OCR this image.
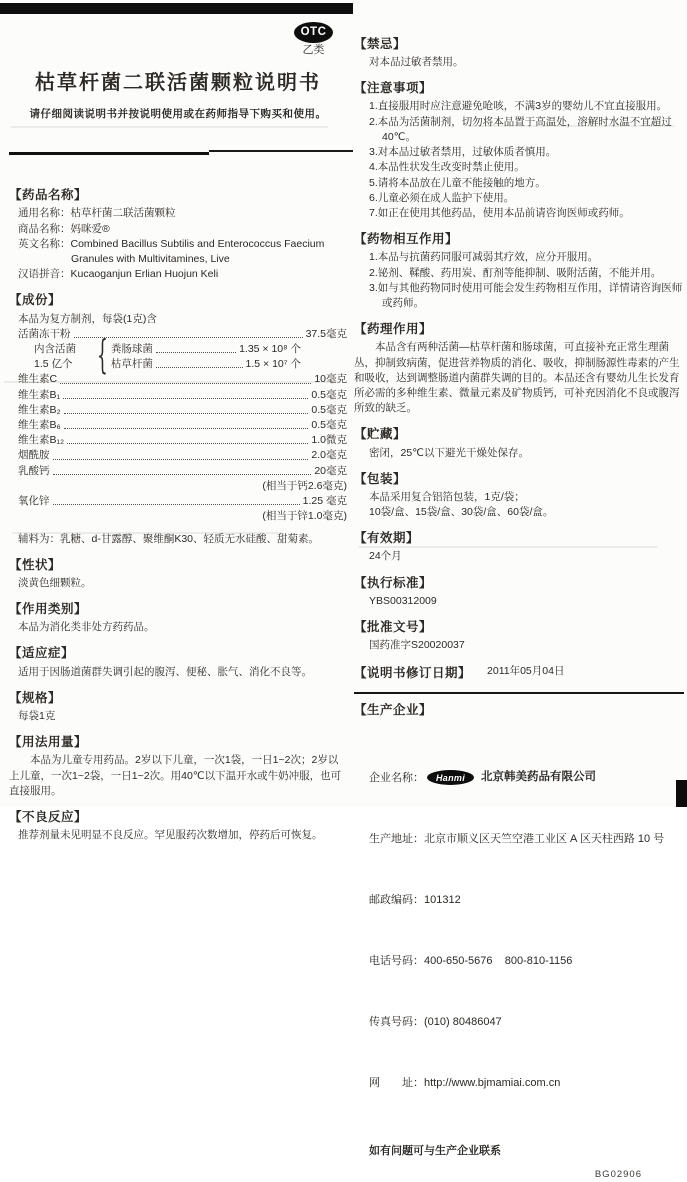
OTC
乙类
枯草杆菌二联活菌颗粒说明书
请仔细阅读说明书并按说明使用或在药师指导下购买和使用。
【药品名称】
通用名称：枯草杆菌二联活菌颗粒
商品名称：妈咪爱®
英文名称：Combined Bacillus Subtilis and Enterococcus Faecium Granules with Multivitamines, Live
汉语拼音：Kucaoganjun Erlian Huojun Keli
【成份】
本品为复方制剂，每袋(1克)含
活菌冻干粉	37.5毫克
内含活菌
1.5 亿个	{ 粪肠球菌	1.35 × 10⁸ 个
枯草杆菌	1.5 × 10⁷ 个
维生素C	10毫克
维生素B₁	0.5毫克
维生素B₂	0.5毫克
维生素B₆	0.5毫克
维生素B₁₂	1.0微克
烟酰胺	2.0毫克
乳酸钙	20毫克
(相当于钙2.6毫克)
氧化锌	1.25 毫克
(相当于锌1.0毫克)
辅料为：乳糖、d-甘露醇、聚维酮K30、轻质无水硅酸、甜菊素。
【性状】
淡黄色细颗粒。
【作用类别】
本品为消化类非处方药药品。
【适应症】
适用于因肠道菌群失调引起的腹泻、便秘、胀气、消化不良等。
【规格】
每袋1克
【用法用量】
本品为儿童专用药品。2岁以下儿童，一次1袋，一日1~2次；2岁以上儿童，一次1~2袋，一日1~2次。用40℃以下温开水或牛奶冲服，也可直接服用。
【不良反应】
推荐剂量未见明显不良反应。罕见服药次数增加，停药后可恢复。
【禁忌】
对本品过敏者禁用。
【注意事项】
1.直接服用时应注意避免呛咳，不满3岁的婴幼儿不宜直接服用。
2.本品为活菌制剂，切勿将本品置于高温处，溶解时水温不宜超过40℃。
3.对本品过敏者禁用，过敏体质者慎用。
4.本品性状发生改变时禁止使用。
5.请将本品放在儿童不能接触的地方。
6.儿童必须在成人监护下使用。
7.如正在使用其他药品，使用本品前请咨询医师或药师。
【药物相互作用】
1.本品与抗菌药同服可减弱其疗效，应分开服用。
2.铋剂、鞣酸、药用炭、酊剂等能抑制、吸附活菌，不能并用。
3.如与其他药物同时使用可能会发生药物相互作用，详情请咨询医师或药师。
【药理作用】
本品含有两种活菌—枯草杆菌和肠球菌，可直接补充正常生理菌丛，抑制致病菌，促进营养物质的消化、吸收，抑制肠源性毒素的产生和吸收，达到调整肠道内菌群失调的目的。本品还含有婴幼儿生长发育所必需的多种维生素、微量元素及矿物质钙，可补充因消化不良或腹泻所致的缺乏。
【贮藏】
密闭，25℃以下避光干燥处保存。
【包装】
本品采用复合铝箔包装，1克/袋；
10袋/盒、15袋/盒、30袋/盒、60袋/盒。
【有效期】
24个月
【执行标准】
YBS00312009
【批准文号】
国药准字S20020037
【说明书修订日期】 2011年05月04日
【生产企业】

企业名称：	Hanmi	北京韩美药品有限公司

生产地址：北京市顺义区天竺空港工业区 A 区天柱西路 10 号

邮政编码：101312

电话号码：400-650-5676    800-810-1156

传真号码：(010) 80486047

网　　址：http://www.bjmamiai.com.cn

如有问题可与生产企业联系
BG02906
